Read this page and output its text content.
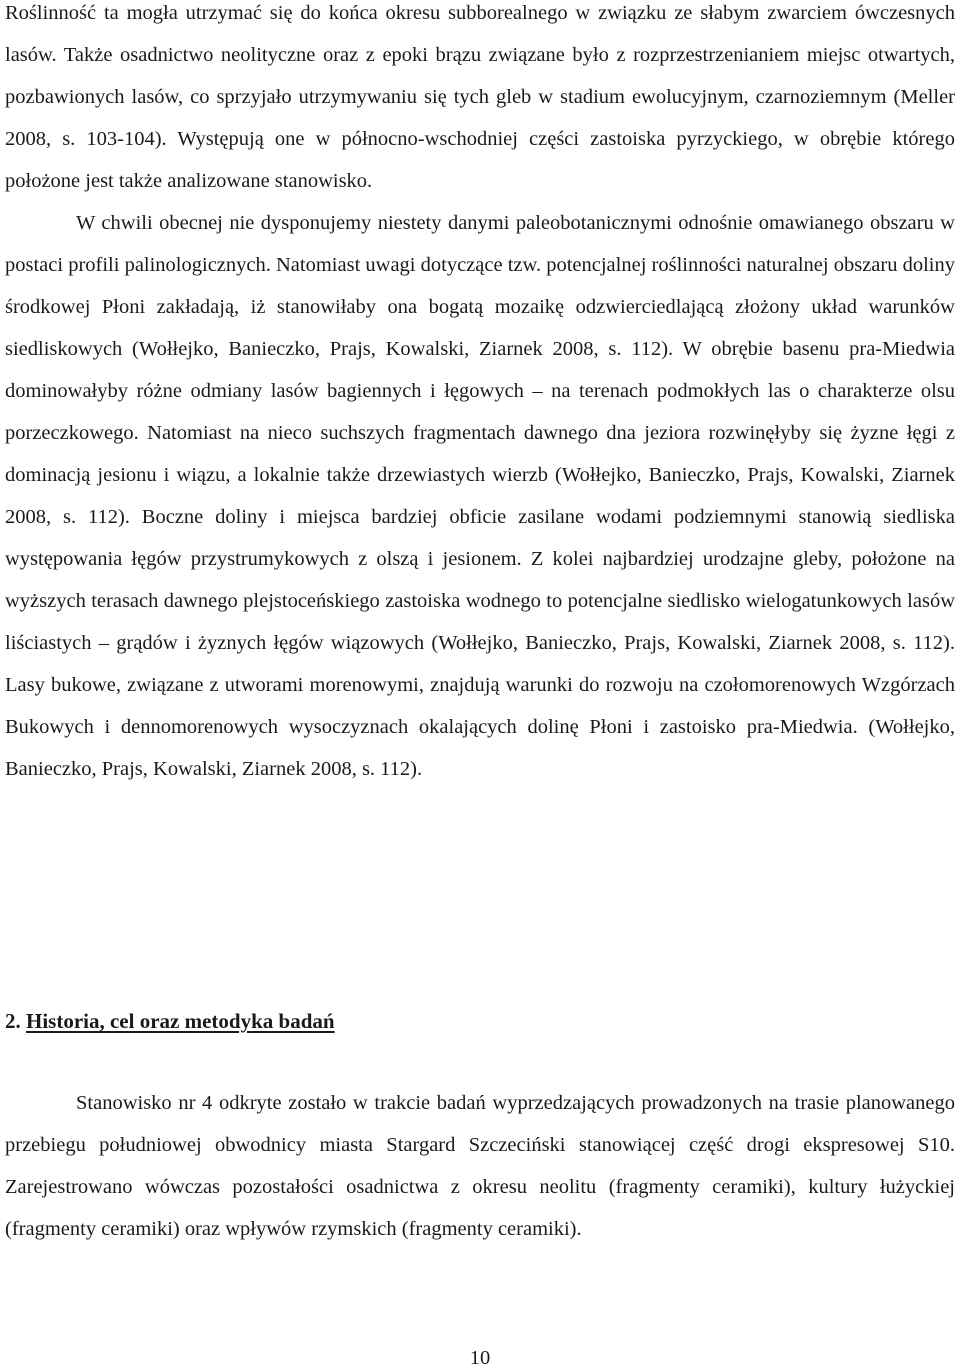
Roślinność ta mogła utrzymać się do końca okresu subborealnego w związku ze słabym zwarciem ówczesnych lasów. Także osadnictwo neolityczne oraz z epoki brązu związane było z rozprzestrzenianiem miejsc otwartych, pozbawionych lasów, co sprzyjało utrzymywaniu się tych gleb w stadium ewolucyjnym, czarnoziemnym (Meller 2008, s. 103-104). Występują one w północno-wschodniej części zastoiska pyrzyckiego, w obrębie którego położone jest także analizowane stanowisko.

W chwili obecnej nie dysponujemy niestety danymi paleobotanicznymi odnośnie omawianego obszaru w postaci profili palinologicznych. Natomiast uwagi dotyczące tzw. potencjalnej roślinności naturalnej obszaru doliny środkowej Płoni zakładają, iż stanowiłaby ona bogatą mozaikę odzwierciedlającą złożony układ warunków siedliskowych (Wołłejko, Banieczko, Prajs, Kowalski, Ziarnek 2008, s. 112). W obrębie basenu pra-Miedwia dominowałyby różne odmiany lasów bagiennych i łęgowych – na terenach podmokłych las o charakterze olsu porzeczkowego. Natomiast na nieco suchszych fragmentach dawnego dna jeziora rozwinęłyby się żyzne łęgi z dominacją jesionu i wiązu, a lokalnie także drzewiastych wierzb (Wołłejko, Banieczko, Prajs, Kowalski, Ziarnek 2008, s. 112). Boczne doliny i miejsca bardziej obficie zasilane wodami podziemnymi stanowią siedliska występowania łęgów przystrumykowych z olszą i jesionem. Z kolei najbardziej urodzajne gleby, położone na wyższych terasach dawnego plejstoceńskiego zastoiska wodnego to potencjalne siedlisko wielogatunkowych lasów liściastych – grądów i żyznych łęgów wiązowych (Wołłejko, Banieczko, Prajs, Kowalski, Ziarnek 2008, s. 112). Lasy bukowe, związane z utworami morenowymi, znajdują warunki do rozwoju na czołomorenowych Wzgórzach Bukowych i dennomorenowych wysoczyznach okalających dolinę Płoni i zastoisko pra-Miedwia. (Wołłejko, Banieczko, Prajs, Kowalski, Ziarnek 2008, s. 112).

2. Historia, cel oraz metodyka badań

Stanowisko nr 4 odkryte zostało w trakcie badań wyprzedzających prowadzonych na trasie planowanego przebiegu południowej obwodnicy miasta Stargard Szczeciński stanowiącej część drogi ekspresowej S10. Zarejestrowano wówczas pozostałości osadnictwa z okresu neolitu (fragmenty ceramiki), kultury łużyckiej (fragmenty ceramiki) oraz wpływów rzymskich (fragmenty ceramiki).

10
